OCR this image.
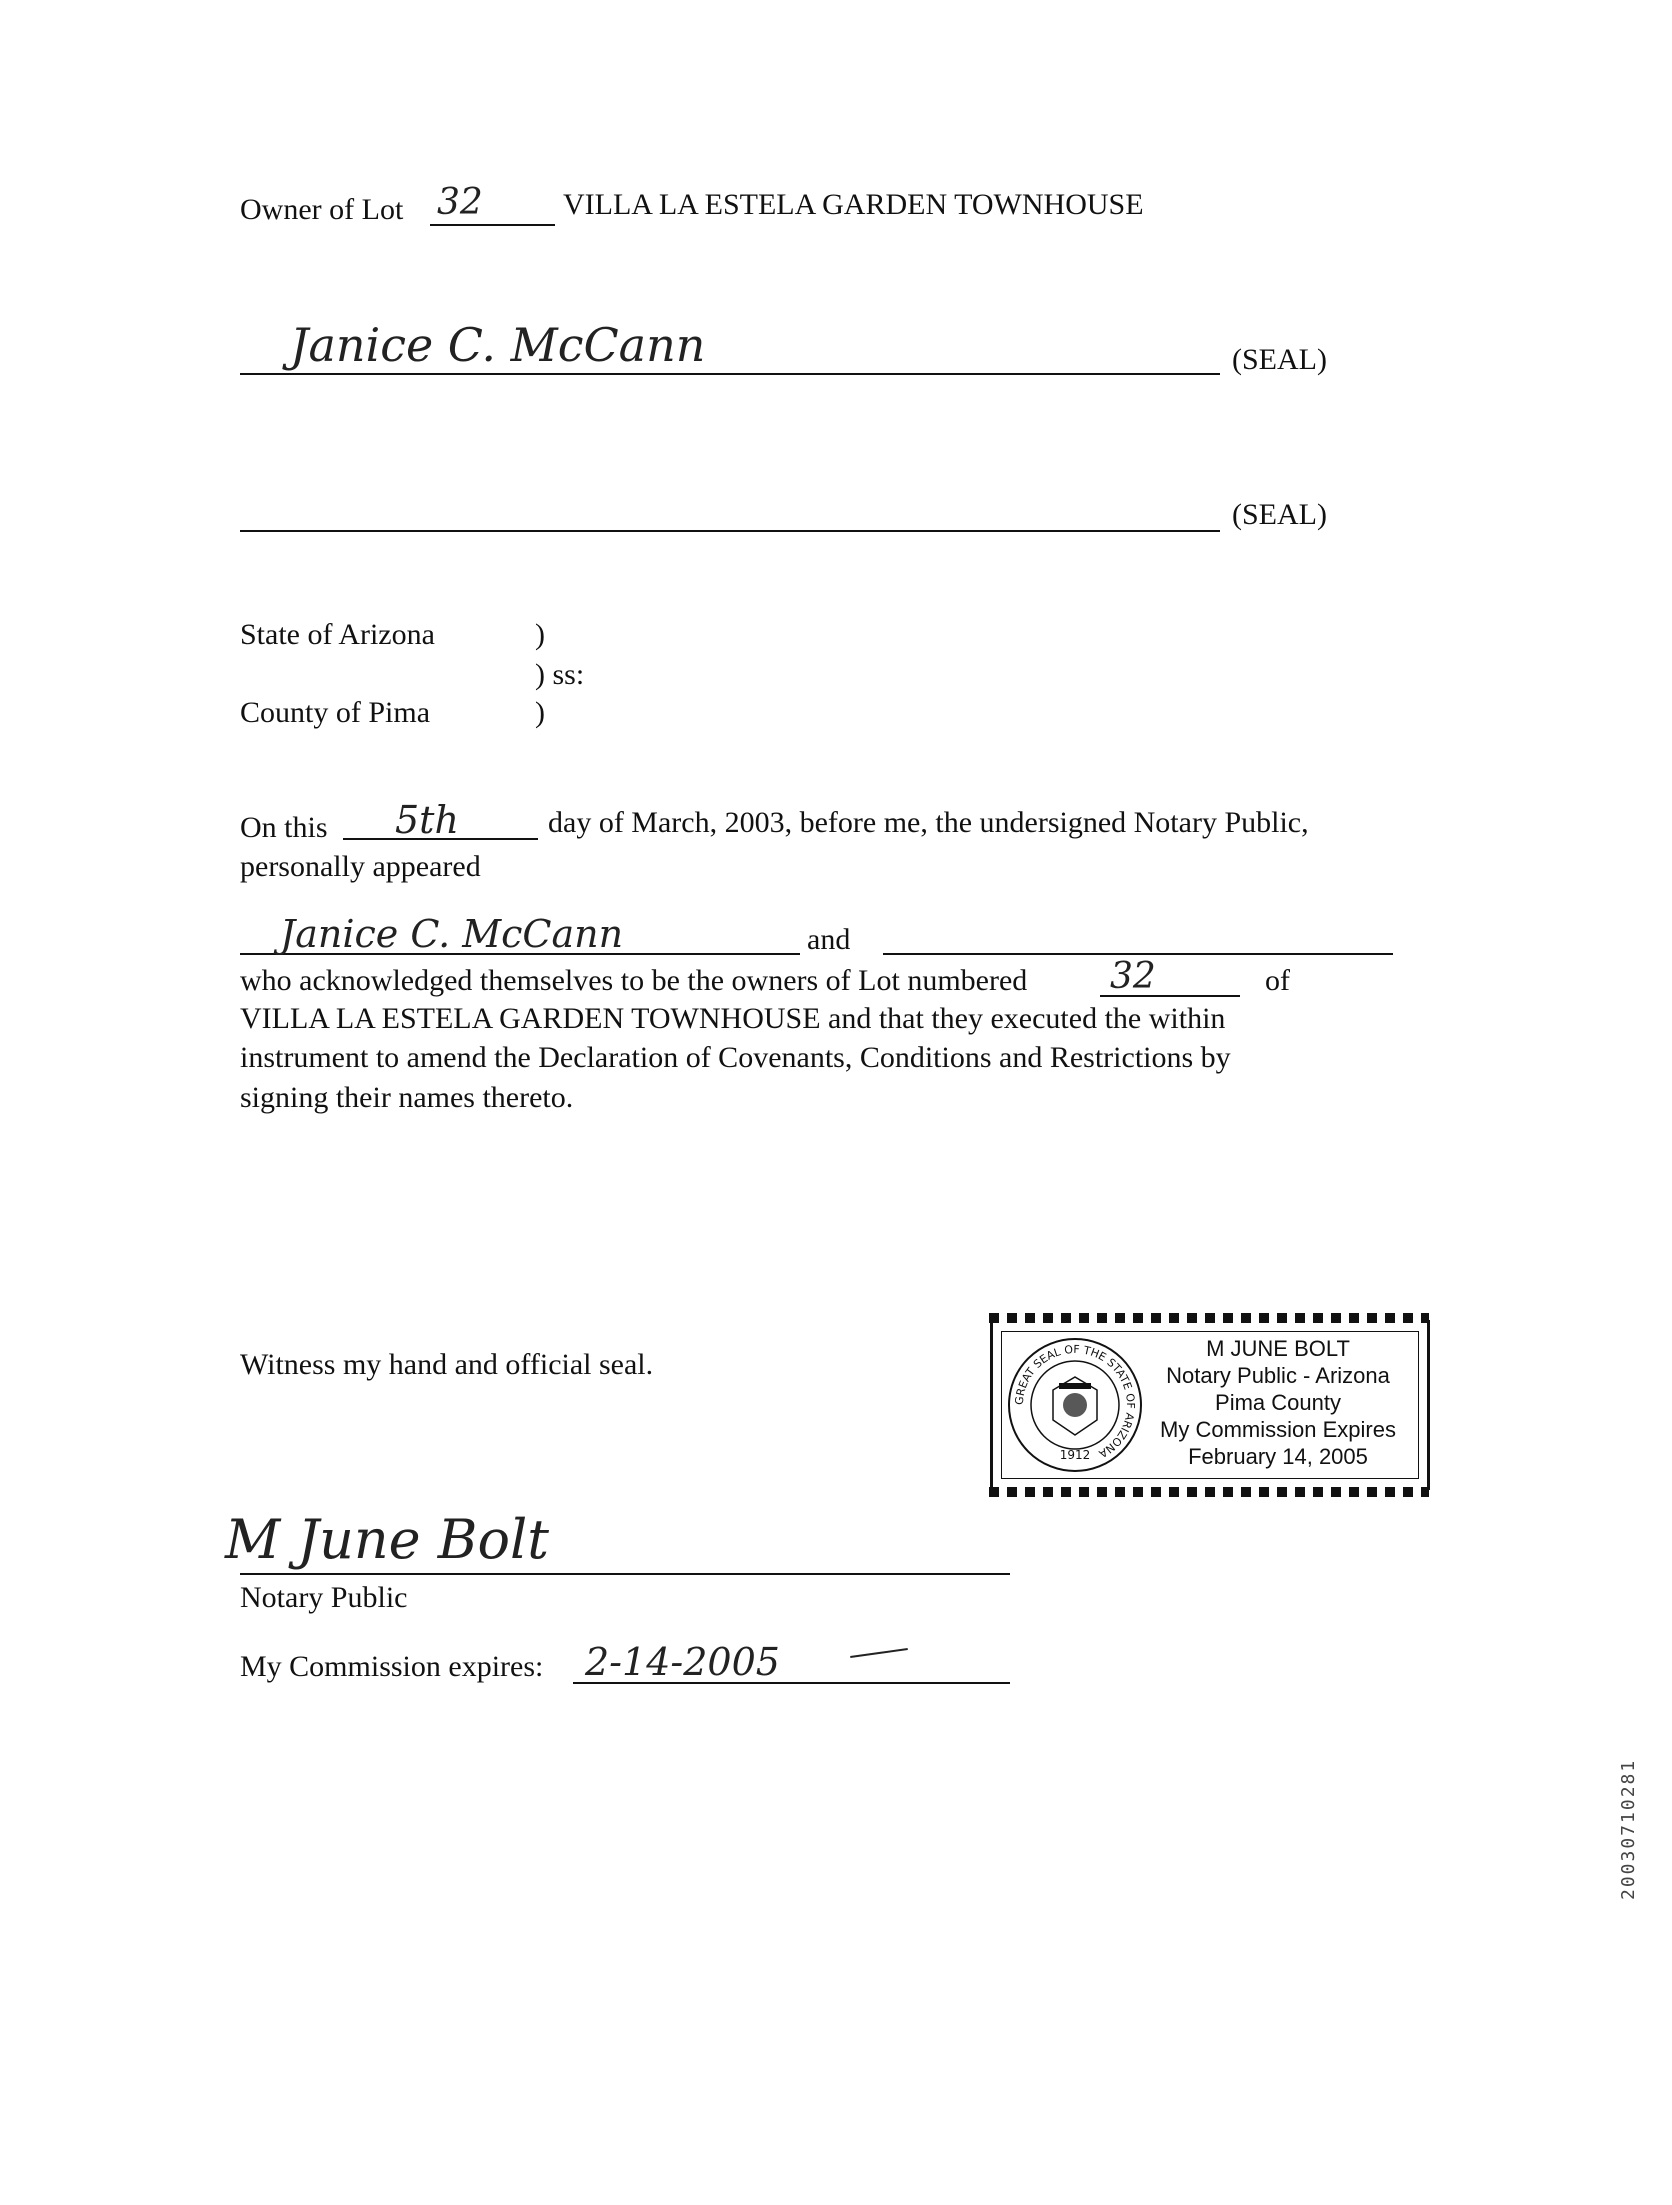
Owner of Lot 32	VILLA LA ESTELA GARDEN TOWNHOUSE
Janice C. McCann	(SEAL)
(SEAL)
State of Arizona	)
) ss:
County of Pima	)
On this 5th	day of March, 2003, before me, the undersigned Notary Public,
personally appeared
Janice C. McCann	and
who acknowledged themselves to be the owners of Lot numbered 32	of
VILLA LA ESTELA GARDEN TOWNHOUSE and that they executed the within
instrument to amend the Declaration of Covenants, Conditions and Restrictions by
signing their names thereto.
Witness my hand and official seal.
GREAT SEAL OF THE STATE OF ARIZONA
1912
M JUNE BOLT
Notary Public - Arizona
Pima County
My Commission Expires
February 14, 2005
M June Bolt
Notary Public
My Commission expires: 2-14-2005
20030710281
